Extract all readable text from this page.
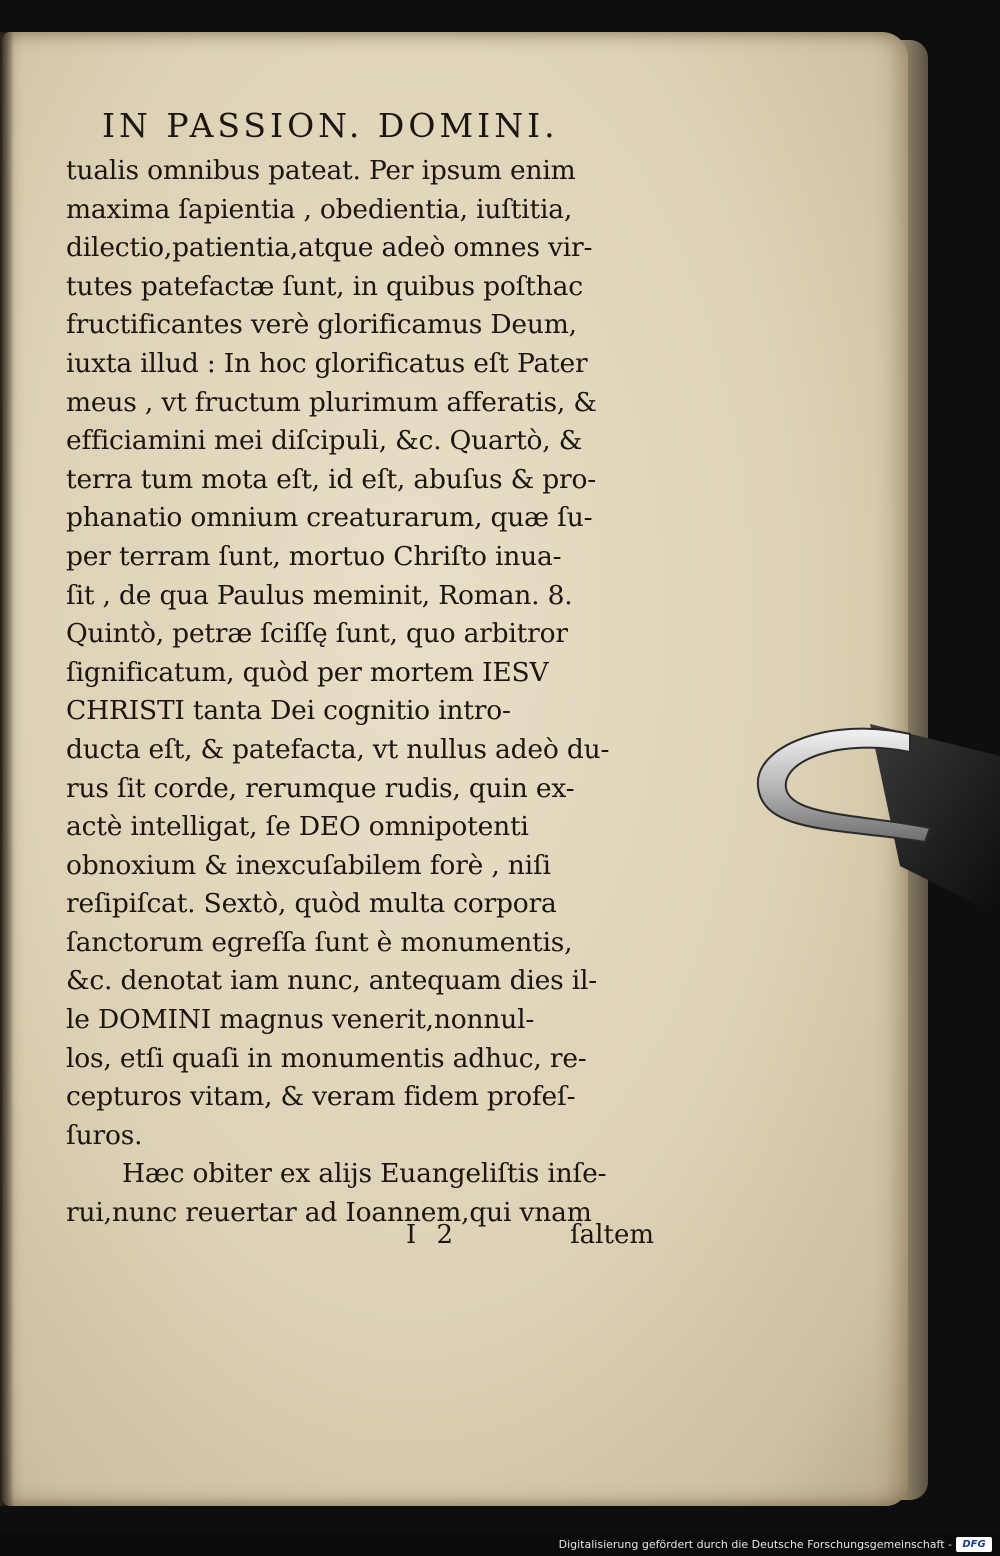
IN PASSION. DOMINI.
tualis omnibus pateat. Per ipsum enim
maxima ſapientia , obedientia, iuſtitia,
dilectio,patientia,atque adeò omnes vir-
tutes patefactæ ſunt, in quibus poſthac
fructificantes verè glorificamus Deum,
iuxta illud : In hoc glorificatus eſt Pater
meus , vt fructum plurimum afferatis, &
efficiamini mei diſcipuli, &c. Quartò, &
terra tum mota eſt, id eſt, abuſus & pro-
phanatio omnium creaturarum, quæ ſu-
per terram ſunt, mortuo Chriſto inua-
ſit , de qua Paulus meminit, Roman. 8.
Quintò, petræ ſciſſę ſunt, quo arbitror
ſignificatum, quòd per mortem IESV
CHRISTI tanta Dei cognitio intro-
ducta eſt, & patefacta, vt nullus adeò du-
rus ſit corde, rerumque rudis, quin ex-
actè intelligat, ſe DEO omnipotenti
obnoxium & inexcuſabilem forè , niſi
reſipiſcat. Sextò, quòd multa corpora
ſanctorum egreſſa ſunt è monumentis,
&c. denotat iam nunc, antequam dies il-
le DOMINI magnus venerit,nonnul-
los, etſi quaſi in monumentis adhuc, re-
cepturos vitam, & veram fidem profeſ-
ſuros.
Hæc obiter ex alijs Euangeliſtis inſe-
rui,nunc reuertar ad Ioannem,qui vnam
I 2	ſaltem
Digitalisierung gefördert durch die Deutsche Forschungsgemeinschaft -	DFG
